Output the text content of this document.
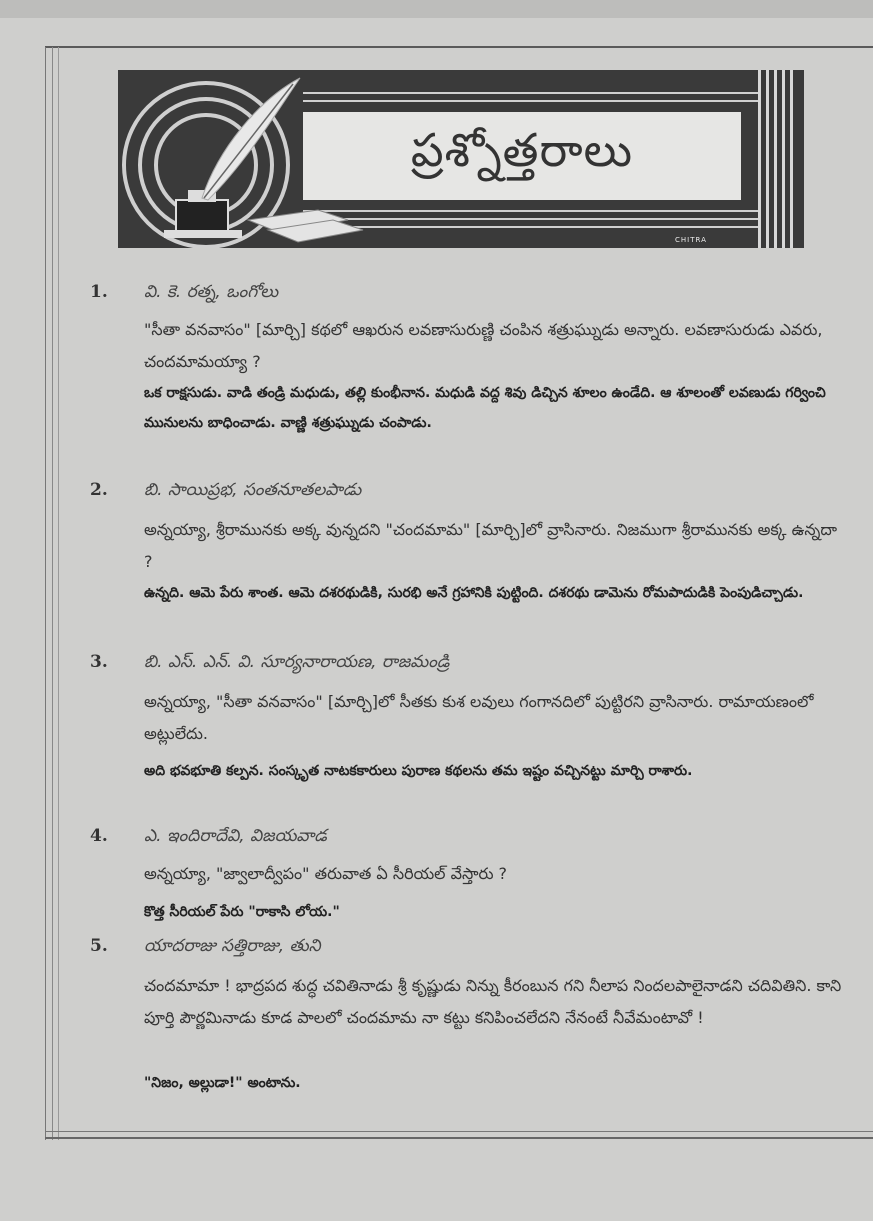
ప్రశ్నోత్తరాలు
CHITRA
1. వి. కె. రత్న, ఒంగోలు
"సీతా వనవాసం" [మార్చి] కథలో ఆఖరున లవణాసురుణ్ణి చంపిన శత్రుఘ్నుడు అన్నారు. లవణాసురుడు ఎవరు, చందమామయ్యా ?
ఒక రాక్షసుడు. వాడి తండ్రి మధుడు, తల్లి కుంభీనాన. మధుడి వద్ద శివు డిచ్చిన శూలం ఉండేది. ఆ శూలంతో లవణుడు గర్వించి మునులను బాధించాడు. వాణ్ణి శత్రుఘ్నుడు చంపాడు.
2. బి. సాయిప్రభ, సంతనూతలపాడు
అన్నయ్యా, శ్రీరామునకు అక్క వున్నదని "చందమామ" [మార్చి]లో వ్రాసినారు. నిజముగా శ్రీరామునకు అక్క ఉన్నదా ?
ఉన్నది. ఆమె పేరు శాంత. ఆమె దశరథుడికి, సురభి అనే గ్రహానికి పుట్టింది. దశరథు డామెను రోమపాదుడికి పెంపుడిచ్చాడు.
3. బి. ఎస్. ఎన్. వి. సూర్యనారాయణ, రాజమండ్రి
అన్నయ్యా, "సీతా వనవాసం" [మార్చి]లో సీతకు కుశ లవులు గంగానదిలో పుట్టిరని వ్రాసినారు. రామాయణంలో అట్లులేదు.
అది భవభూతి కల్పన. సంస్కృత నాటకకారులు పురాణ కథలను తమ ఇష్టం వచ్చినట్టు మార్చి రాశారు.
4. ఎ. ఇందిరాదేవి, విజయవాడ
అన్నయ్యా, "జ్వాలాద్వీపం" తరువాత ఏ సీరియల్ వేస్తారు ?
కొత్త సీరియల్ పేరు "రాకాసి లోయ."
5. యాదరాజు సత్తిరాజు, తుని
చందమామా ! భాద్రపద శుద్ధ చవితినాడు శ్రీ కృష్ణుడు నిన్ను కీరంబున గని నీలాప నిందలపాలైనాడని చదివితిని. కాని పూర్తి పౌర్ణమినాడు కూడ పాలలో చందమామ నా కట్టు కనిపించలేదని నేనంటే నీవేమంటావో !
"నిజం, అల్లుడా!" అంటాను.
